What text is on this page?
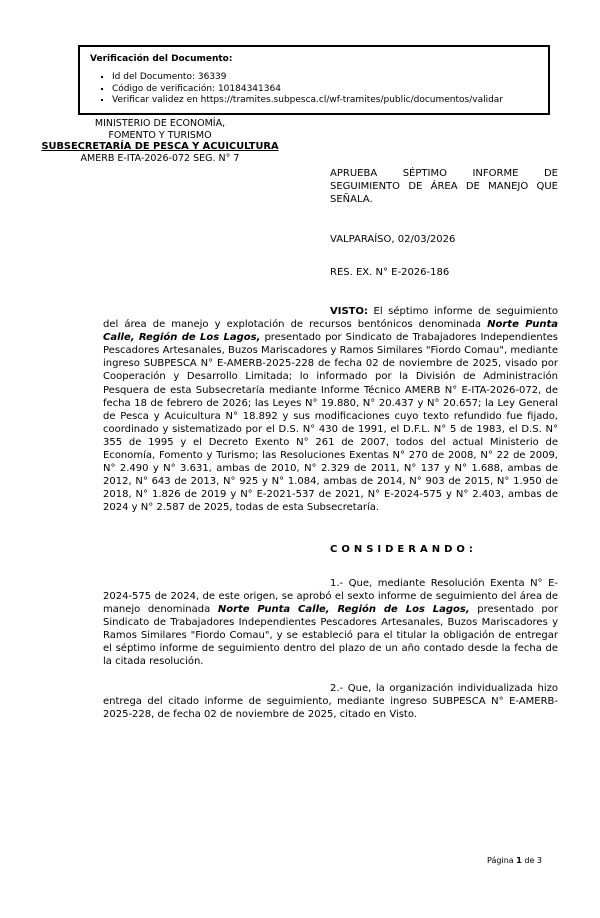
Verificación del Documento:
▪ Id del Documento: 36339
▪ Código de verificación: 10184341364
▪ Verificar validez en https://tramites.subpesca.cl/wf-tramites/public/documentos/validar
MINISTERIO DE ECONOMÍA,
FOMENTO Y TURISMO
SUBSECRETARÍA DE PESCA Y ACUICULTURA
AMERB E-ITA-2026-072 SEG. N° 7

APRUEBA SÉPTIMO INFORME DE SEGUIMIENTO DE ÁREA DE MANEJO QUE SEÑALA.

VALPARAÍSO, 02/03/2026

RES. EX. N° E-2026-186

VISTO: El séptimo informe de seguimiento del área de manejo y explotación de recursos bentónicos denominada Norte Punta Calle, Región de Los Lagos, presentado por Sindicato de Trabajadores Independientes Pescadores Artesanales, Buzos Mariscadores y Ramos Similares "Fiordo Comau", mediante ingreso SUBPESCA N° E-AMERB-2025-228 de fecha 02 de noviembre de 2025, visado por Cooperación y Desarrollo Limitada; lo informado por la División de Administración Pesquera de esta Subsecretaría mediante Informe Técnico AMERB N° E-ITA-2026-072, de fecha 18 de febrero de 2026; las Leyes N° 19.880, N° 20.437 y N° 20.657; la Ley General de Pesca y Acuicultura N° 18.892 y sus modificaciones cuyo texto refundido fue fijado, coordinado y sistematizado por el D.S. N° 430 de 1991, el D.F.L. N° 5 de 1983, el D.S. N° 355 de 1995 y el Decreto Exento N° 261 de 2007, todos del actual Ministerio de Economía, Fomento y Turismo; las Resoluciones Exentas N° 270 de 2008, N° 22 de 2009, N° 2.490 y N° 3.631, ambas de 2010, N° 2.329 de 2011, N° 137 y N° 1.688, ambas de 2012, N° 643 de 2013, N° 925 y N° 1.084, ambas de 2014, N° 903 de 2015, N° 1.950 de 2018, N° 1.826 de 2019 y N° E-2021-537 de 2021, N° E-2024-575 y N° 2.403, ambas de 2024 y N° 2.587 de 2025, todas de esta Subsecretaría.

CONSIDERANDO:

1.- Que, mediante Resolución Exenta N° E-2024-575 de 2024, de este origen, se aprobó el sexto informe de seguimiento del área de manejo denominada Norte Punta Calle, Región de Los Lagos, presentado por Sindicato de Trabajadores Independientes Pescadores Artesanales, Buzos Mariscadores y Ramos Similares "Fiordo Comau", y se estableció para el titular la obligación de entregar el séptimo informe de seguimiento dentro del plazo de un año contado desde la fecha de la citada resolución.

2.- Que, la organización individualizada hizo entrega del citado informe de seguimiento, mediante ingreso SUBPESCA N° E-AMERB-2025-228, de fecha 02 de noviembre de 2025, citado en Visto.

Página 1 de 3
